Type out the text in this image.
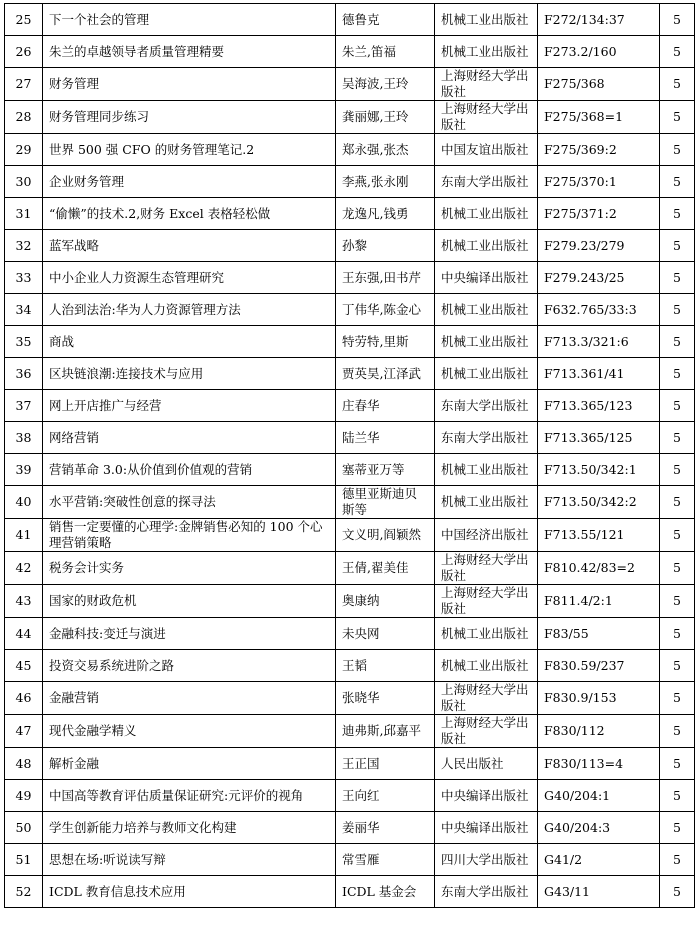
25	下一个社会的管理	德鲁克	机械工业出版社	F272/134:37	5
26	朱兰的卓越领导者质量管理精要	朱兰,笛福	机械工业出版社	F273.2/160	5
27	财务管理	吴海波,王玲	上海财经大学出版社	F275/368	5
28	财务管理同步练习	龚丽娜,王玲	上海财经大学出版社	F275/368=1	5
29	世界 500 强 CFO 的财务管理笔记.2	郑永强,张杰	中国友谊出版社	F275/369:2	5
30	企业财务管理	李燕,张永刚	东南大学出版社	F275/370:1	5
31	“偷懒”的技术.2,财务 Excel 表格轻松做	龙逸凡,钱勇	机械工业出版社	F275/371:2	5
32	蓝军战略	孙黎	机械工业出版社	F279.23/279	5
33	中小企业人力资源生态管理研究	王东强,田书芹	中央编译出版社	F279.243/25	5
34	人治到法治:华为人力资源管理方法	丁伟华,陈金心	机械工业出版社	F632.765/33:3	5
35	商战	特劳特,里斯	机械工业出版社	F713.3/321:6	5
36	区块链浪潮:连接技术与应用	贾英昊,江泽武	机械工业出版社	F713.361/41	5
37	网上开店推广与经营	庄春华	东南大学出版社	F713.365/123	5
38	网络营销	陆兰华	东南大学出版社	F713.365/125	5
39	营销革命 3.0:从价值到价值观的营销	塞蒂亚万等	机械工业出版社	F713.50/342:1	5
40	水平营销:突破性创意的探寻法	德里亚斯迪贝斯等	机械工业出版社	F713.50/342:2	5
41	销售一定要懂的心理学:金牌销售必知的 100 个心理营销策略	文义明,阎颖然	中国经济出版社	F713.55/121	5
42	税务会计实务	王倩,翟美佳	上海财经大学出版社	F810.42/83=2	5
43	国家的财政危机	奥康纳	上海财经大学出版社	F811.4/2:1	5
44	金融科技:变迁与演进	未央网	机械工业出版社	F83/55	5
45	投资交易系统进阶之路	王韬	机械工业出版社	F830.59/237	5
46	金融营销	张晓华	上海财经大学出版社	F830.9/153	5
47	现代金融学精义	迪弗斯,邱嘉平	上海财经大学出版社	F830/112	5
48	解析金融	王正国	人民出版社	F830/113=4	5
49	中国高等教育评估质量保证研究:元评价的视角	王向红	中央编译出版社	G40/204:1	5
50	学生创新能力培养与教师文化构建	姜丽华	中央编译出版社	G40/204:3	5
51	思想在场:听说读写辩	常雪雁	四川大学出版社	G41/2	5
52	ICDL 教育信息技术应用	ICDL 基金会	东南大学出版社	G43/11	5
